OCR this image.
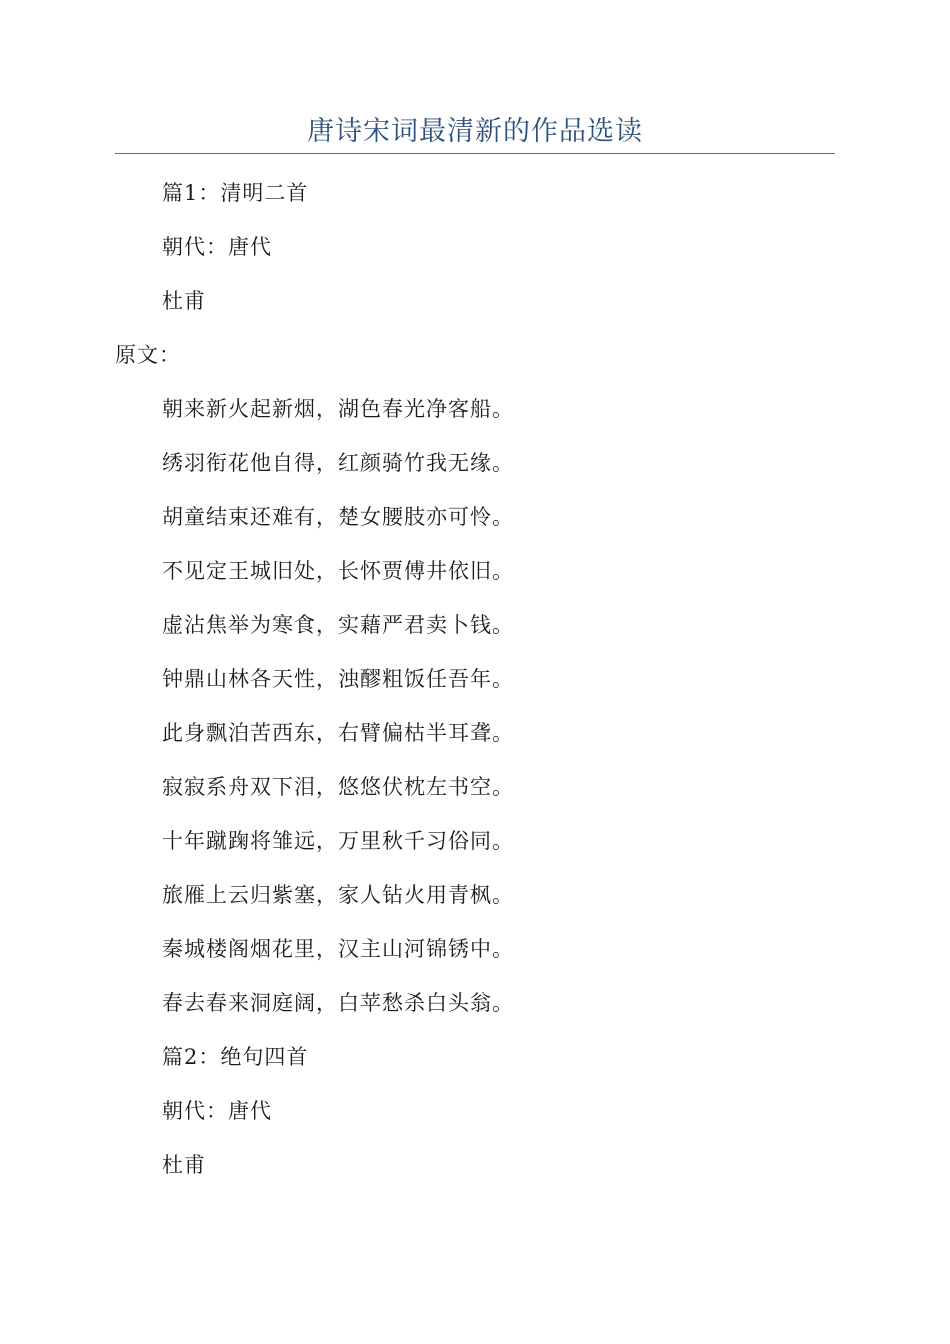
唐诗宋词最清新的作品选读
篇1：清明二首
朝代：唐代
杜甫
原文：
朝来新火起新烟，湖色春光净客船。
绣羽衔花他自得，红颜骑竹我无缘。
胡童结束还难有，楚女腰肢亦可怜。
不见定王城旧处，长怀贾傅井依旧。
虚沾焦举为寒食，实藉严君卖卜钱。
钟鼎山林各天性，浊醪粗饭任吾年。
此身飘泊苦西东，右臂偏枯半耳聋。
寂寂系舟双下泪，悠悠伏枕左书空。
十年蹴踘将雏远，万里秋千习俗同。
旅雁上云归紫塞，家人钻火用青枫。
秦城楼阁烟花里，汉主山河锦锈中。
春去春来洞庭阔，白苹愁杀白头翁。
篇2：绝句四首
朝代：唐代
杜甫
